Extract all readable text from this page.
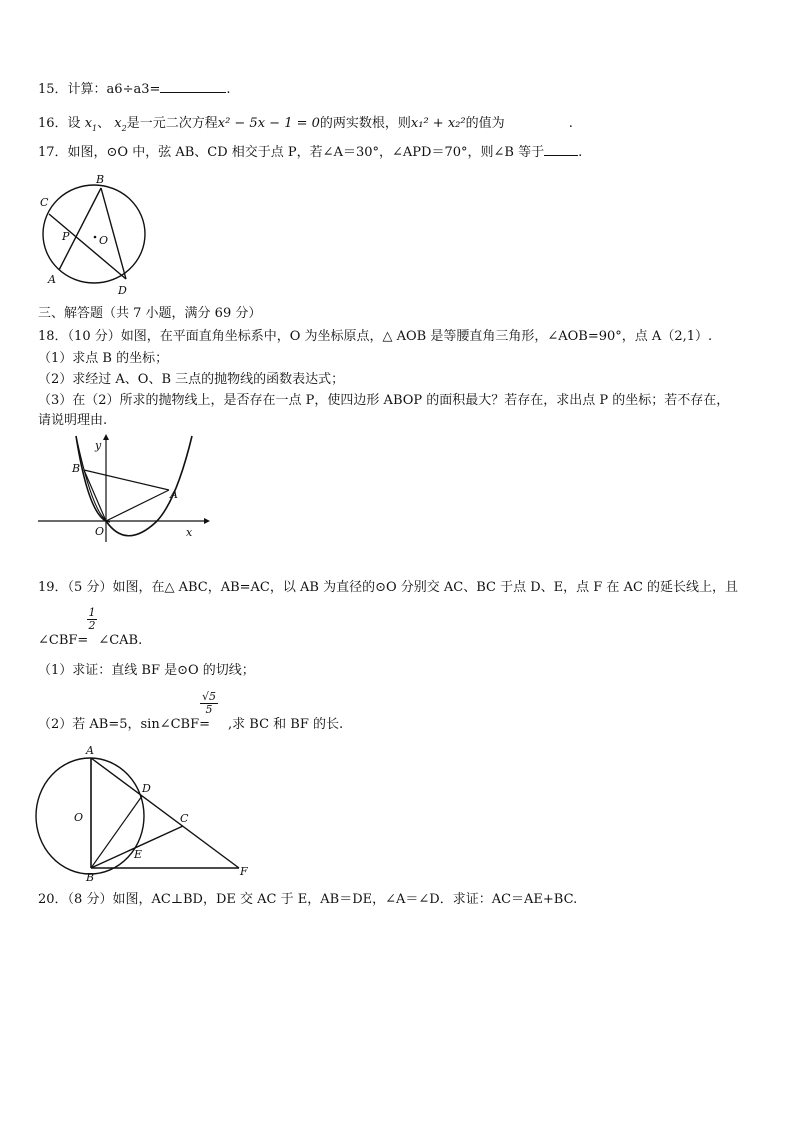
15．计算：a6÷a3=	.
16．设 $x_1$、 $x_2$是一元二次方程x² − 5x − 1 = 0的两实数根，则x₁² + x₂²的值为	.
17．如图，⊙O 中，弦 AB、CD 相交于点 P，若∠A＝30°，∠APD＝70°，则∠B 等于	.
B
C
P	O
A
D
三、解答题（共 7 小题，满分 69 分）
18．（10 分）如图，在平面直角坐标系中，O 为坐标原点，△ AOB 是等腰直角三角形，∠AOB=90°，点 A（2,1）.
（1）求点 B 的坐标；
（2）求经过 A、O、B 三点的抛物线的函数表达式；
（3）在（2）所求的抛物线上，是否存在一点 P，使四边形 ABOP 的面积最大？若存在，求出点 P 的坐标；若不存在，
请说明理由.
y
B
A
O	x
19．（5 分）如图，在△ ABC，AB=AC，以 AB 为直径的⊙O 分别交 AC、BC 于点 D、E，点 F 在 AC 的延长线上，且
$\frac{1}{2}$
∠CBF= ∠CAB.
（1）求证：直线 BF 是⊙O 的切线；
$\frac{√5}{5}$
（2）若 AB=5，sin∠CBF= ,求 BC 和 BF 的长.
A
D
O	C
E
B	F
20．（8 分）如图，AC⊥BD，DE 交 AC 于 E，AB＝DE，∠A＝∠D．求证：AC＝AE+BC.
